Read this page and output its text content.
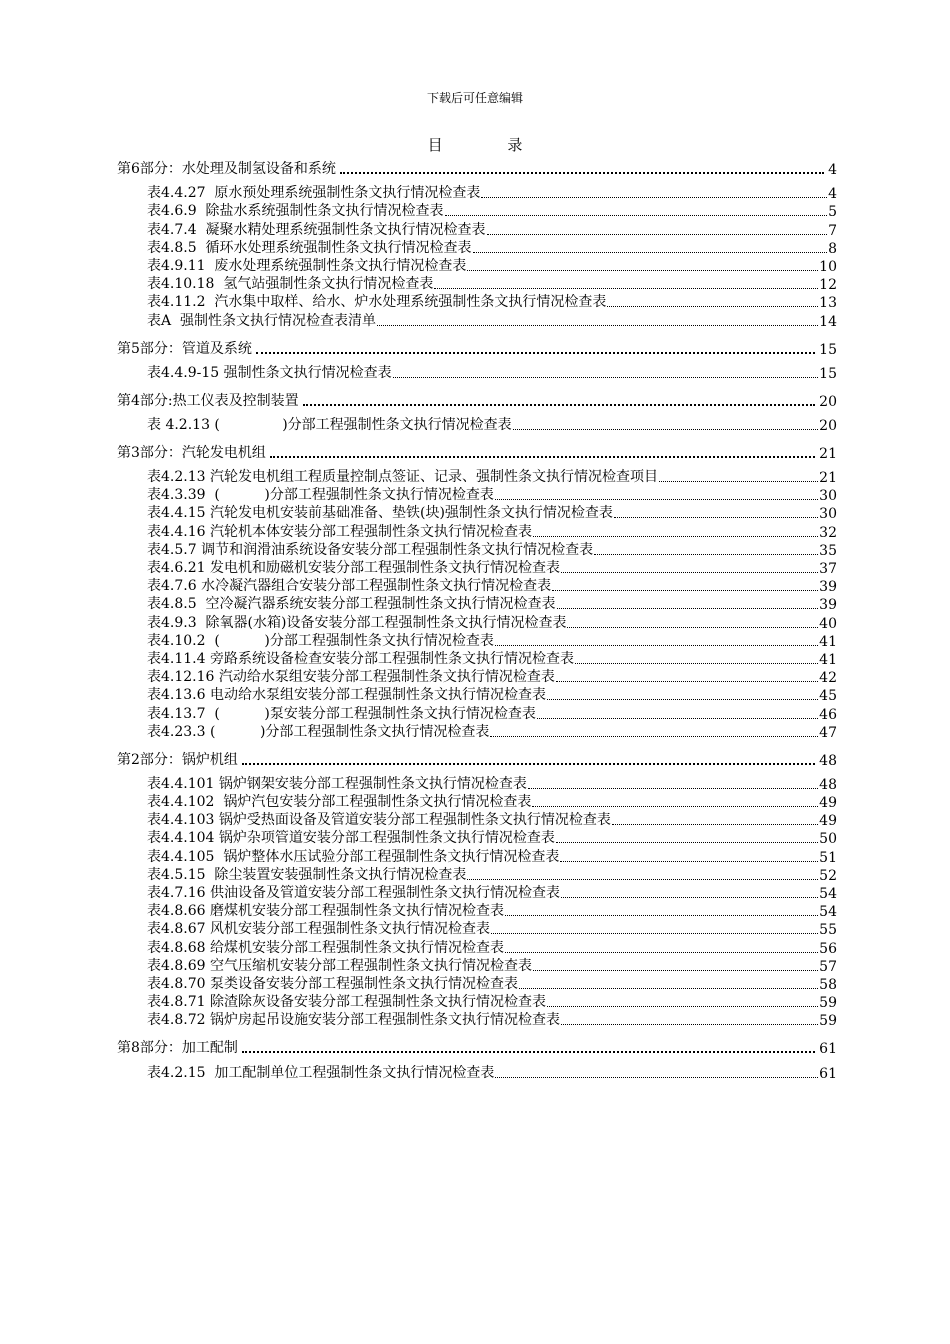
下载后可任意编辑
目 录
第6部分：水处理及制氢设备和系统	4
表4.4.27  原水预处理系统强制性条文执行情况检查表	4
表4.6.9  除盐水系统强制性条文执行情况检查表	5
表4.7.4  凝聚水精处理系统强制性条文执行情况检查表	7
表4.8.5  循环水处理系统强制性条文执行情况检查表	8
表4.9.11  废水处理系统强制性条文执行情况检查表	10
表4.10.18  氢气站强制性条文执行情况检查表	12
表4.11.2  汽水集中取样、给水、炉水处理系统强制性条文执行情况检查表	13
表A  强制性条文执行情况检查表清单	14
第5部分：管道及系统	15
表4.4.9-15 强制性条文执行情况检查表	15
第4部分:热工仪表及控制装置	20
表 4.2.13 (              )分部工程强制性条文执行情况检查表	20
第3部分：汽轮发电机组	21
表4.2.13 汽轮发电机组工程质量控制点签证、记录、强制性条文执行情况检查项目	21
表4.3.39  (          )分部工程强制性条文执行情况检查表	30
表4.4.15 汽轮发电机安装前基础准备、垫铁(块)强制性条文执行情况检查表	30
表4.4.16 汽轮机本体安装分部工程强制性条文执行情况检查表	32
表4.5.7 调节和润滑油系统设备安装分部工程强制性条文执行情况检查表	35
表4.6.21 发电机和励磁机安装分部工程强制性条文执行情况检查表	37
表4.7.6 水冷凝汽器组合安装分部工程强制性条文执行情况检查表	39
表4.8.5  空冷凝汽器系统安装分部工程强制性条文执行情况检查表	39
表4.9.3  除氧器(水箱)设备安装分部工程强制性条文执行情况检查表	40
表4.10.2  (          )分部工程强制性条文执行情况检查表	41
表4.11.4 旁路系统设备检查安装分部工程强制性条文执行情况检查表	41
表4.12.16 汽动给水泵组安装分部工程强制性条文执行情况检查表	42
表4.13.6 电动给水泵组安装分部工程强制性条文执行情况检查表	45
表4.13.7  (          )泵安装分部工程强制性条文执行情况检查表	46
表4.23.3 (          )分部工程强制性条文执行情况检查表	47
第2部分：锅炉机组	48
表4.4.101 锅炉钢架安装分部工程强制性条文执行情况检查表	48
表4.4.102  锅炉汽包安装分部工程强制性条文执行情况检查表	49
表4.4.103 锅炉受热面设备及管道安装分部工程强制性条文执行情况检查表	49
表4.4.104 锅炉杂项管道安装分部工程强制性条文执行情况检查表	50
表4.4.105  锅炉整体水压试验分部工程强制性条文执行情况检查表	51
表4.5.15  除尘装置安装强制性条文执行情况检查表	52
表4.7.16 供油设备及管道安装分部工程强制性条文执行情况检查表	54
表4.8.66 磨煤机安装分部工程强制性条文执行情况检查表	54
表4.8.67 风机安装分部工程强制性条文执行情况检查表	55
表4.8.68 给煤机安装分部工程强制性条文执行情况检查表	56
表4.8.69 空气压缩机安装分部工程强制性条文执行情况检查表	57
表4.8.70 泵类设备安装分部工程强制性条文执行情况检查表	58
表4.8.71 除渣除灰设备安装分部工程强制性条文执行情况检查表	59
表4.8.72 锅炉房起吊设施安装分部工程强制性条文执行情况检查表	59
第8部分：加工配制	61
表4.2.15  加工配制单位工程强制性条文执行情况检查表	61
